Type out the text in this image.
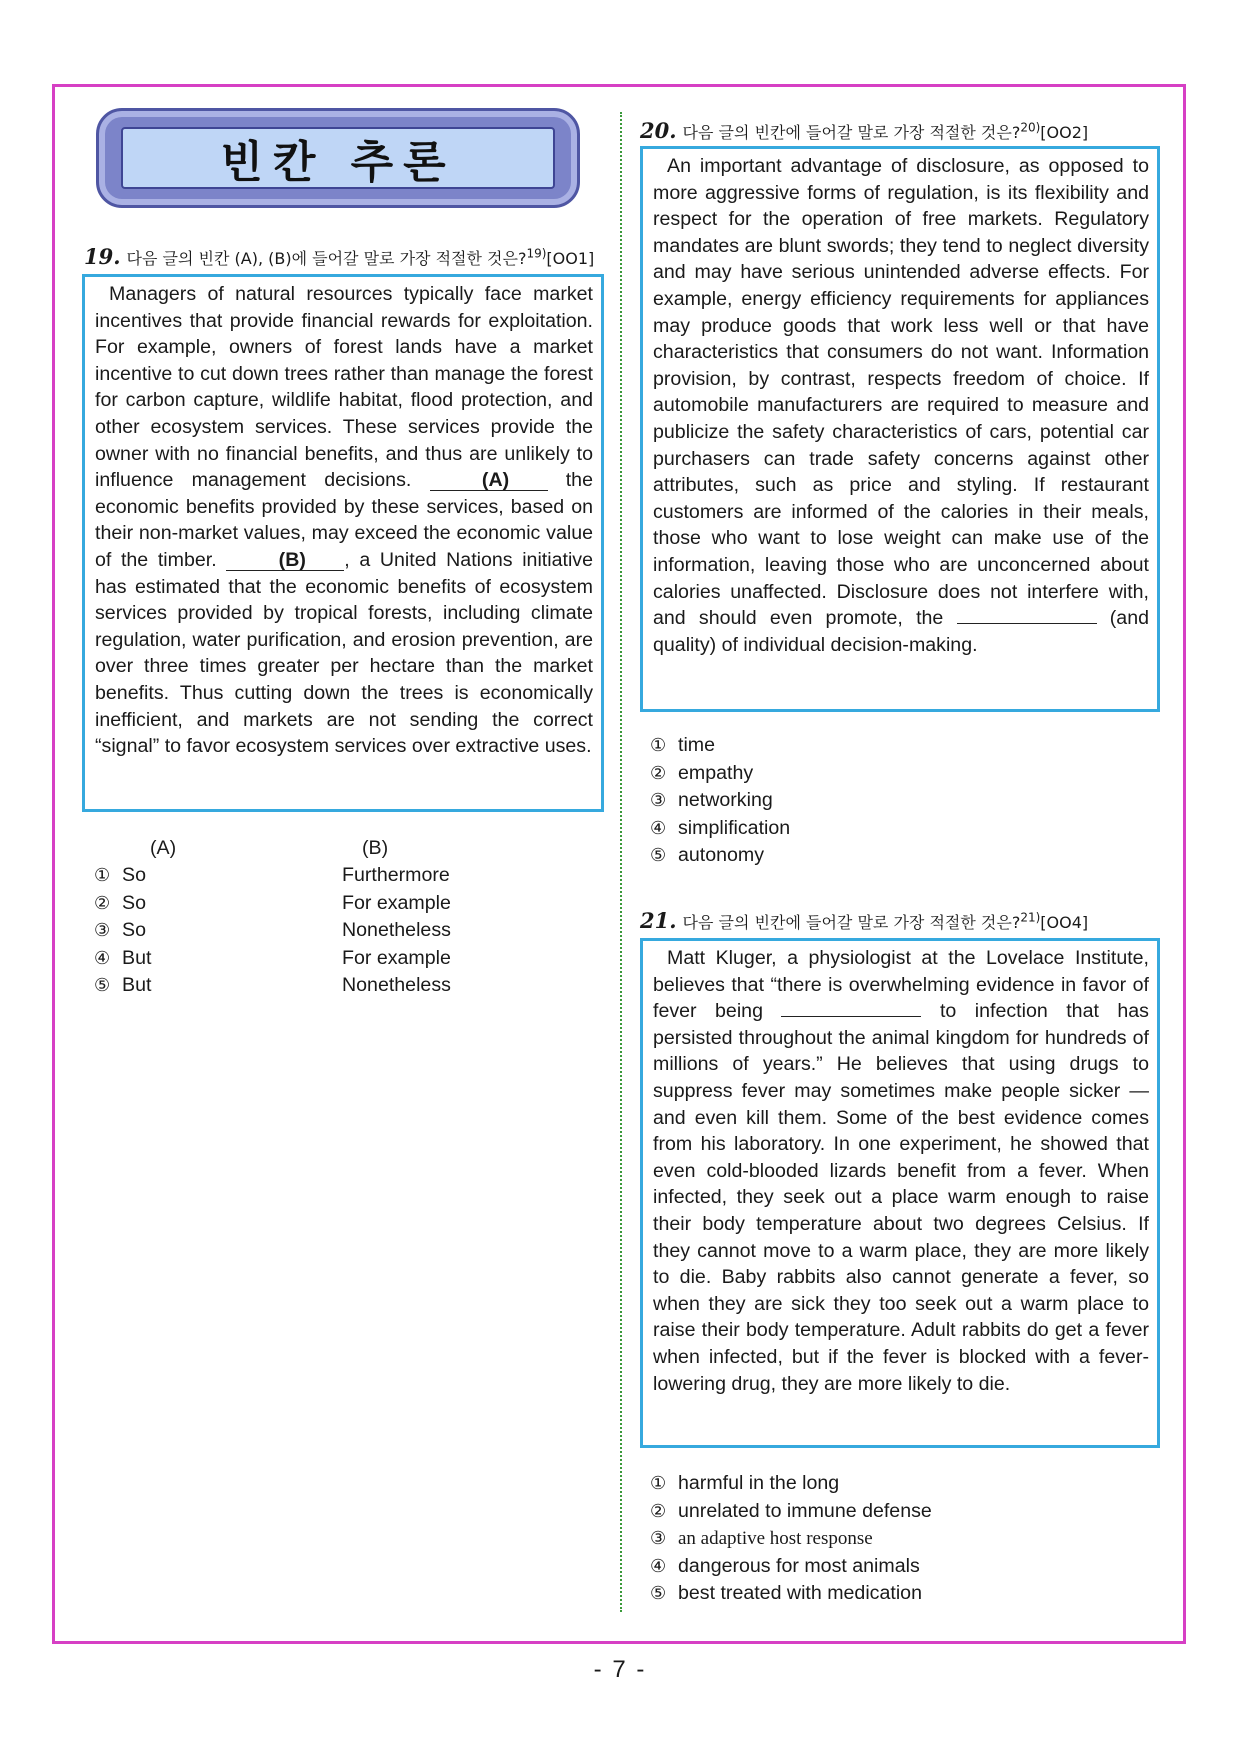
빈칸 추론
19. 다음 글의 빈칸 (A), (B)에 들어갈 말로 가장 적절한 것은?$^{19)}$[OO1]

Managers of natural resources typically face market incentives that provide financial rewards for exploitation. For example, owners of forest lands have a market incentive to cut down trees rather than manage the forest for carbon capture, wildlife habitat, flood protection, and other ecosystem services. These services provide the owner with no financial benefits, and thus are unlikely to influence management decisions.	(A)	the economic benefits provided by these services, based on their non-market values, may exceed the economic value of the timber.	(B) , a United Nations initiative has estimated that the economic benefits of ecosystem services provided by tropical forests, including climate regulation, water purification, and erosion prevention, are over three times greater per hectare than the market benefits. Thus cutting down the trees is economically inefficient, and markets are not sending the correct “signal” to favor ecosystem services over extractive uses.

(A)	(B)
① So	Furthermore
② So	For example
③ So	Nonetheless
④ But	For example
⑤ But	Nonetheless
20. 다음 글의 빈칸에 들어갈 말로 가장 적절한 것은?$^{20)}$[OO2]

An important advantage of disclosure, as opposed to more aggressive forms of regulation, is its flexibility and respect for the operation of free markets. Regulatory mandates are blunt swords; they tend to neglect diversity and may have serious unintended adverse effects. For example, energy efficiency requirements for appliances may produce goods that work less well or that have characteristics that consumers do not want. Information provision, by contrast, respects freedom of choice. If automobile manufacturers are required to measure and publicize the safety characteristics of cars, potential car purchasers can trade safety concerns against other attributes, such as price and styling. If restaurant customers are informed of the calories in their meals, those who want to lose weight can make use of the information, leaving those who are unconcerned about calories unaffected. Disclosure does not interfere with, and should even promote, the	(and quality) of individual decision-making.

① time
② empathy
③ networking
④ simplification
⑤ autonomy
21. 다음 글의 빈칸에 들어갈 말로 가장 적절한 것은?$^{21)}$[OO4]

Matt Kluger, a physiologist at the Lovelace Institute, believes that “there is overwhelming evidence in favor of fever being	to infection that has persisted throughout the animal kingdom for hundreds of millions of years.” He believes that using drugs to suppress fever may sometimes make people sicker ― and even kill them. Some of the best evidence comes from his laboratory. In one experiment, he showed that even cold-blooded lizards benefit from a fever. When infected, they seek out a place warm enough to raise their body temperature about two degrees Celsius. If they cannot move to a warm place, they are more likely to die. Baby rabbits also cannot generate a fever, so when they are sick they too seek out a warm place to raise their body temperature. Adult rabbits do get a fever when infected, but if the fever is blocked with a fever-lowering drug, they are more likely to die.

① harmful in the long
② unrelated to immune defense
③ an adaptive host response
④ dangerous for most animals
⑤ best treated with medication
- 7 -
